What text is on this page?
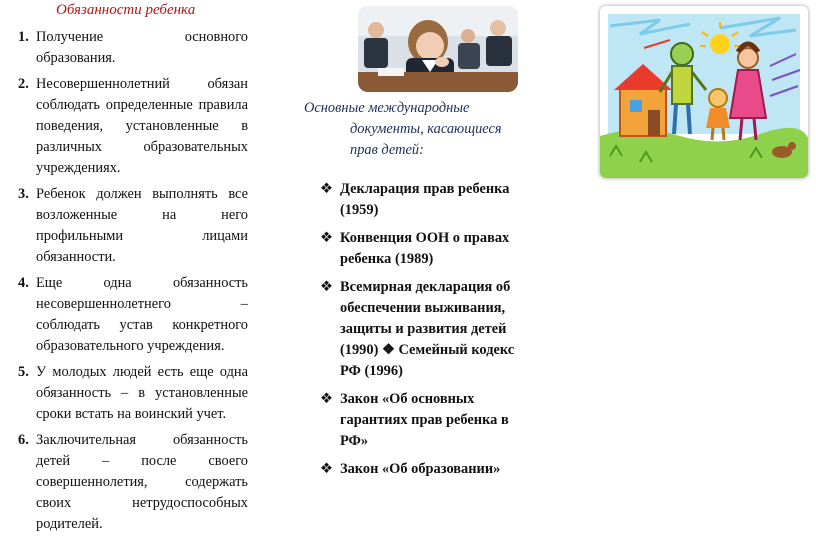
Обязанности ребенка
1. Получение основного образования.
2. Несовершеннолетний обязан соблюдать определенные правила поведения, установленные в различных образовательных учреждениях.
3. Ребенок должен выполнять все возложенные на него профильными лицами обязанности.
4. Еще одна обязанность несовершеннолетнего – соблюдать устав конкретного образовательного учреждения.
5. У молодых людей есть еще одна обязанность – в установленные сроки встать на воинский учет.
6. Заключительная обязанность детей – после своего совершеннолетия, содержать своих нетрудоспособных родителей.
Основные международные
документы, касающиеся
прав детей:
❖ Декларация прав ребенка (1959)
❖ Конвенция ООН о правах ребенка (1989)
❖ Всемирная декларация об обеспечении выживания, защиты и развития детей (1990) ❖ Семейный кодекс РФ (1996)
❖ Закон «Об основных гарантиях прав ребенка в РФ»
❖ Закон «Об образовании»
